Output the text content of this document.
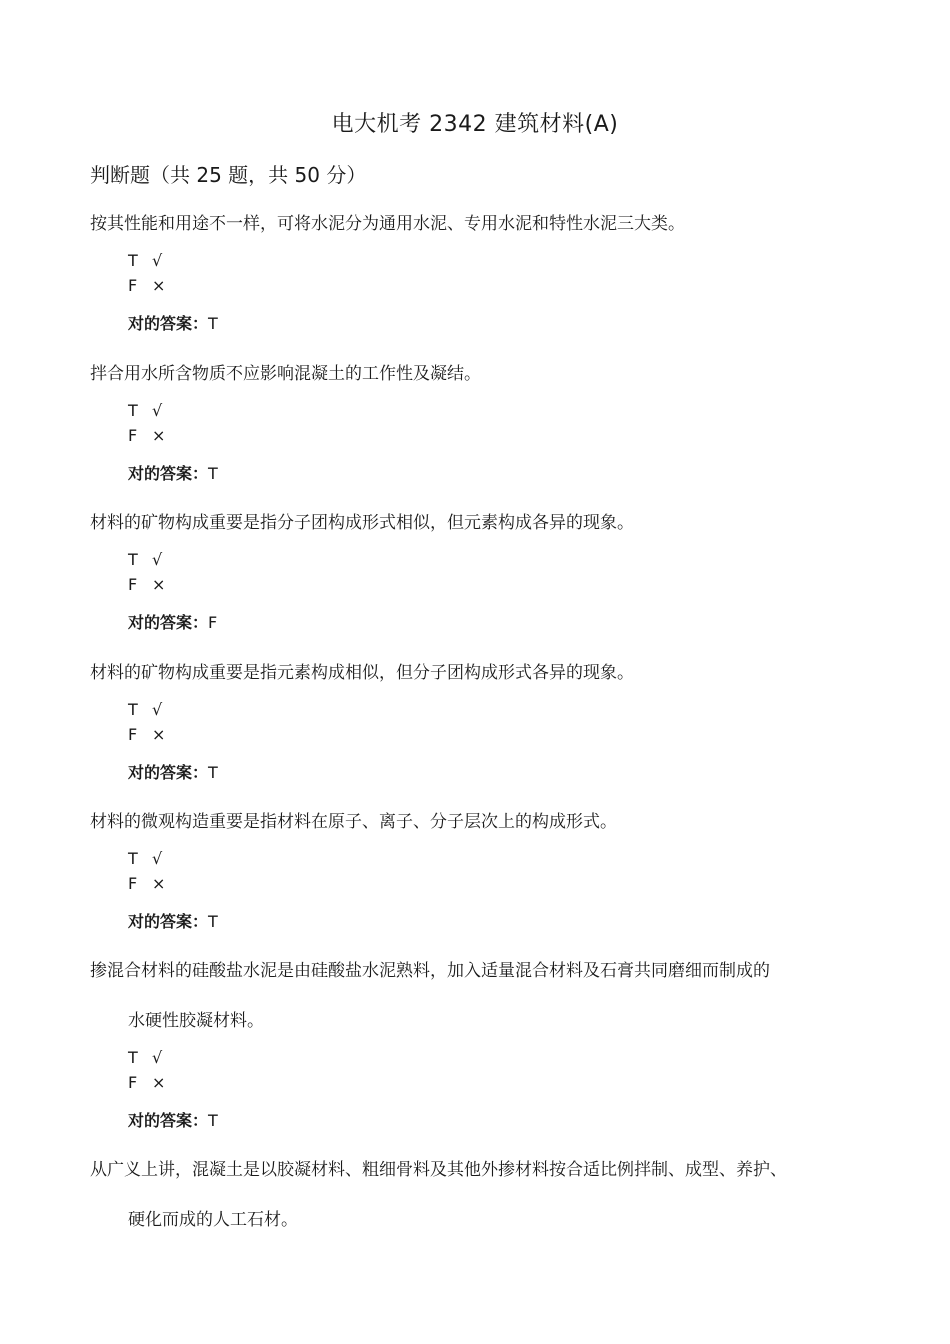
电大机考 2342 建筑材料(A)
判断题（共 25 题，共 50 分）

按其性能和用途不一样，可将水泥分为通用水泥、专用水泥和特性水泥三大类。

T √
F ×
对的答案：T

拌合用水所含物质不应影响混凝土的工作性及凝结。

T √
F ×
对的答案：T

材料的矿物构成重要是指分子团构成形式相似，但元素构成各异的现象。

T √
F ×
对的答案：F

材料的矿物构成重要是指元素构成相似，但分子团构成形式各异的现象。

T √
F ×
对的答案：T

材料的微观构造重要是指材料在原子、离子、分子层次上的构成形式。

T √
F ×
对的答案：T

掺混合材料的硅酸盐水泥是由硅酸盐水泥熟料，加入适量混合材料及石膏共同磨细而制成的

水硬性胶凝材料。

T √
F ×
对的答案：T

从广义上讲，混凝土是以胶凝材料、粗细骨料及其他外掺材料按合适比例拌制、成型、养护、

硬化而成的人工石材。
